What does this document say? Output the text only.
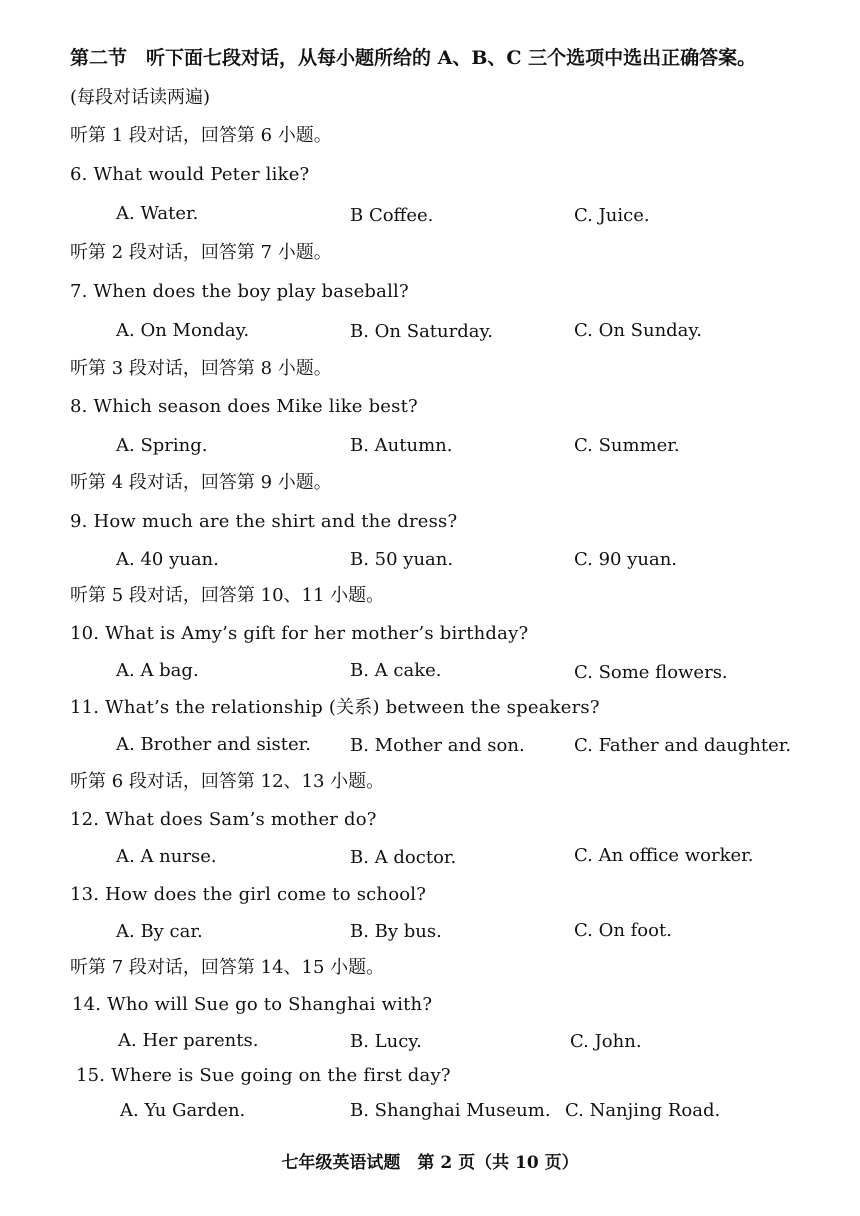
第二节　听下面七段对话，从每小题所给的 A、B、C 三个选项中选出正确答案。
(每段对话读两遍)
听第 1 段对话，回答第 6 小题。
6. What would Peter like?
A. Water.	B Coffee.	C. Juice.
听第 2 段对话，回答第 7 小题。
7. When does the boy play baseball?
A. On Monday.	B. On Saturday.	C. On Sunday.
听第 3 段对话，回答第 8 小题。
8. Which season does Mike like best?
A. Spring.	B. Autumn.	C. Summer.
听第 4 段对话，回答第 9 小题。
9. How much are the shirt and the dress?
A. 40 yuan.	B. 50 yuan.	C. 90 yuan.
听第 5 段对话，回答第 10、11 小题。
10. What is Amy’s gift for her mother’s birthday?
A. A bag.	B. A cake.	C. Some flowers.
11. What’s the relationship (关系) between the speakers?
A. Brother and sister. B. Mother and son.	C. Father and daughter.
听第 6 段对话，回答第 12、13 小题。
12. What does Sam’s mother do?
A. A nurse.	B. A doctor.	C. An office worker.
13. How does the girl come to school?
A. By car.	B. By bus.	C. On foot.
听第 7 段对话，回答第 14、15 小题。
14. Who will Sue go to Shanghai with?
A. Her parents.	B. Lucy.	C. John.
15. Where is Sue going on the first day?
A. Yu Garden.	B. Shanghai Museum. C. Nanjing Road.
七年级英语试题　第 2 页（共 10 页）
